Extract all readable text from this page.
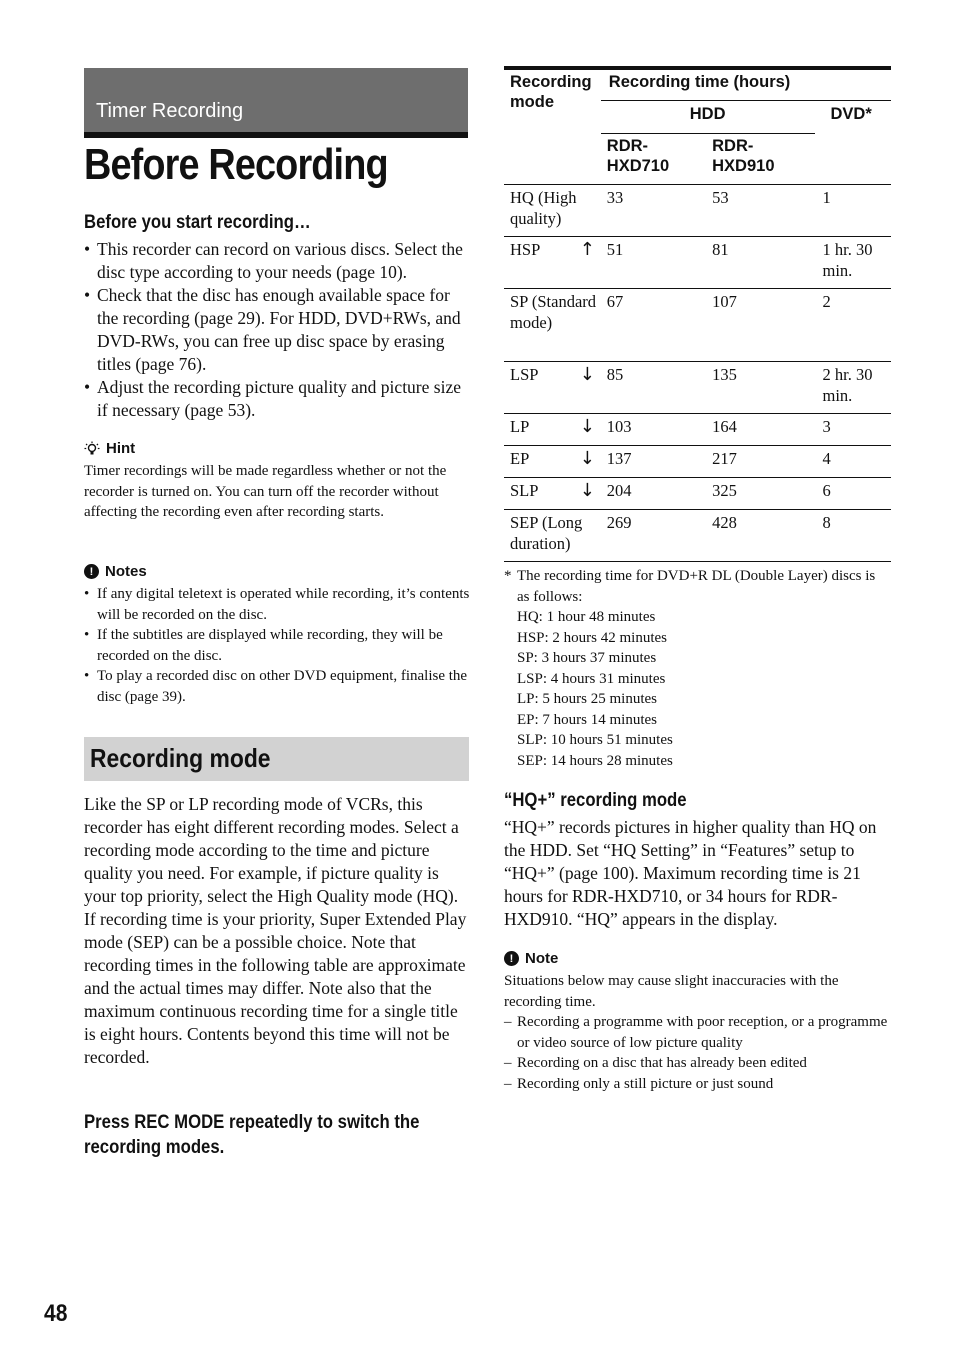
Timer Recording
Before Recording
Before you start recording…
• This recorder can record on various discs. Select the disc type according to your needs (page 10).
• Check that the disc has enough available space for the recording (page 29). For HDD, DVD+RWs, and DVD-RWs, you can free up disc space by erasing titles (page 76).
• Adjust the recording picture quality and picture size if necessary (page 53).
Hint
Timer recordings will be made regardless whether or not the recorder is turned on. You can turn off the recorder without affecting the recording even after recording starts.
! Notes
• If any digital teletext is operated while recording, it’s contents will be recorded on the disc.
• If the subtitles are displayed while recording, they will be recorded on the disc.
• To play a recorded disc on other DVD equipment, finalise the disc (page 39).
Recording mode
Like the SP or LP recording mode of VCRs, this recorder has eight different recording modes. Select a recording mode according to the time and picture quality you need. For example, if picture quality is your top priority, select the High Quality mode (HQ). If recording time is your priority, Super Extended Play mode (SEP) can be a possible choice. Note that recording times in the following table are approximate and the actual times may differ. Note also that the maximum continuous recording time for a single title is eight hours. Contents beyond this time will not be recorded.
Press REC MODE repeatedly to switch the recording modes.
Recording mode	Recording time (hours)		
	HDD		DVD*
	RDR-HXD710	RDR-HXD910	
HQ (High quality)	33	53	1
HSP ↑	51	81	1 hr. 30 min.
SP (Standard mode)	67	107	2
LSP ↓	85	135	2 hr. 30 min.
LP ↓	103	164	3
EP ↓	137	217	4
SLP ↓	204	325	6
SEP (Long duration)	269	428	8
* The recording time for DVD+R DL (Double Layer) discs is as follows:
HQ: 1 hour 48 minutes
HSP: 2 hours 42 minutes
SP: 3 hours 37 minutes
LSP: 4 hours 31 minutes
LP: 5 hours 25 minutes
EP: 7 hours 14 minutes
SLP: 10 hours 51 minutes
SEP: 14 hours 28 minutes
“HQ+” recording mode
“HQ+” records pictures in higher quality than HQ on the HDD. Set “HQ Setting” in “Features” setup to “HQ+” (page 100). Maximum recording time is 21 hours for RDR-HXD710, or 34 hours for RDR-HXD910. “HQ” appears in the display.
! Note
Situations below may cause slight inaccuracies with the recording time.
– Recording a programme with poor reception, or a programme or video source of low picture quality
– Recording on a disc that has already been edited
– Recording only a still picture or just sound
48
